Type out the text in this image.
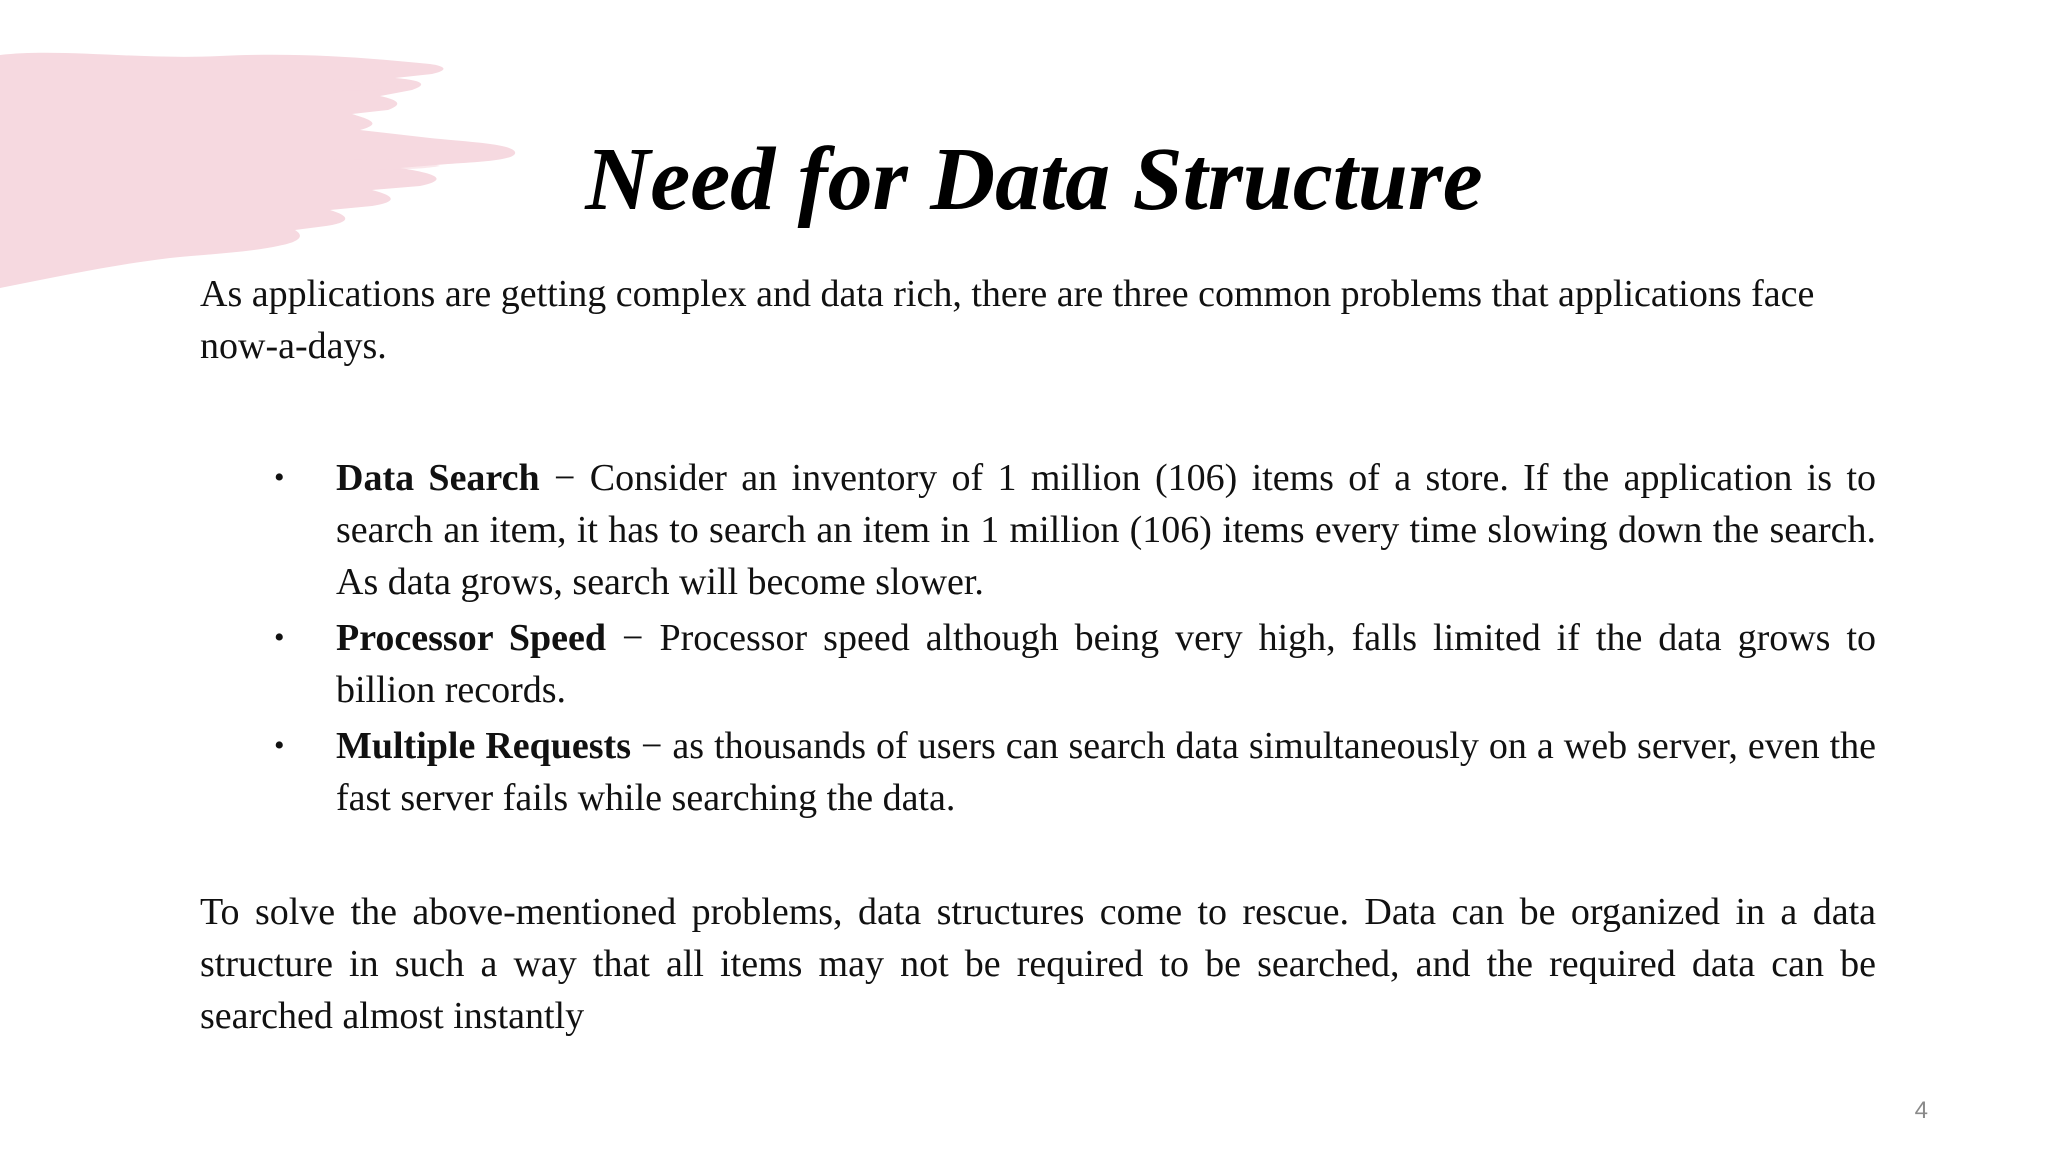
Need for Data Structure

As applications are getting complex and data rich, there are three common problems that applications face now-a-days.

• Data Search − Consider an inventory of 1 million (106) items of a store. If the application is to search an item, it has to search an item in 1 million (106) items every time slowing down the search. As data grows, search will become slower.
• Processor Speed − Processor speed although being very high, falls limited if the data grows to billion records.
• Multiple Requests − as thousands of users can search data simultaneously on a web server, even the fast server fails while searching the data.

To solve the above-mentioned problems, data structures come to rescue. Data can be organized in a data structure in such a way that all items may not be required to be searched, and the required data can be searched almost instantly

4
